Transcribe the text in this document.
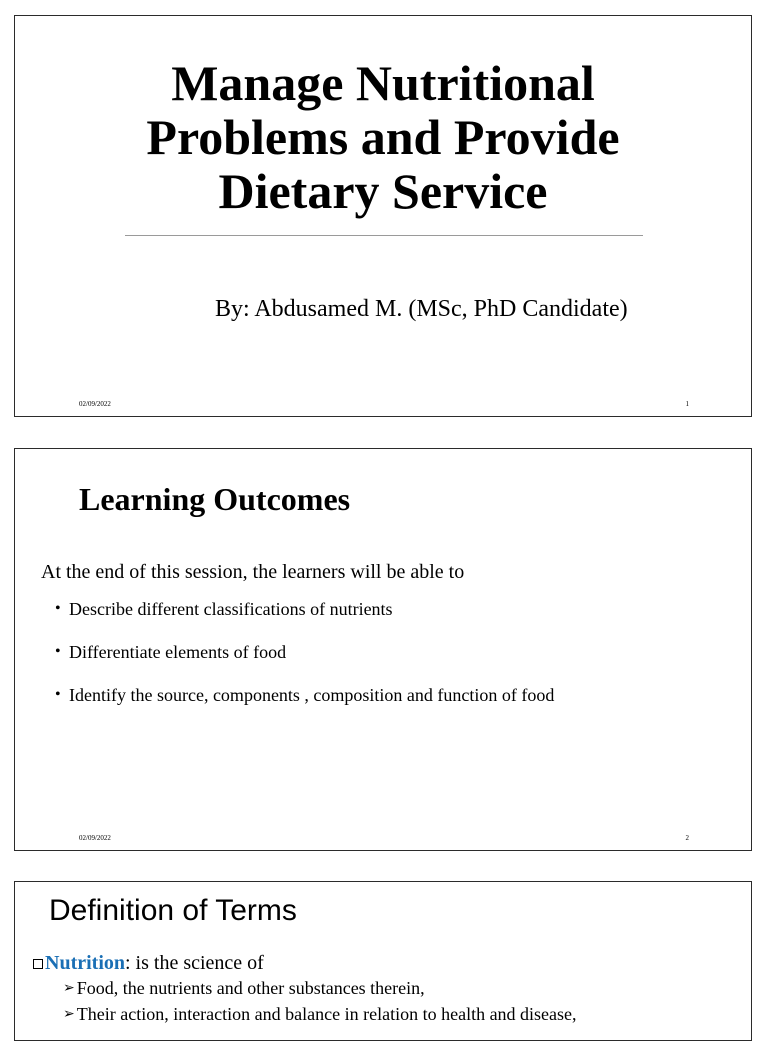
Manage Nutritional
Problems and Provide
Dietary Service

By: Abdusamed M. (MSc, PhD Candidate)

02/09/2022	1
Learning Outcomes

At the end of this session, the learners will be able to

• Describe different classifications of nutrients
• Differentiate elements of food
• Identify the source, components , composition and function of food
02/09/2022	2
Definition of Terms

Nutrition : is the science of

➢ Food, the nutrients and other substances therein,
➢ Their action, interaction and balance in relation to health and disease,
